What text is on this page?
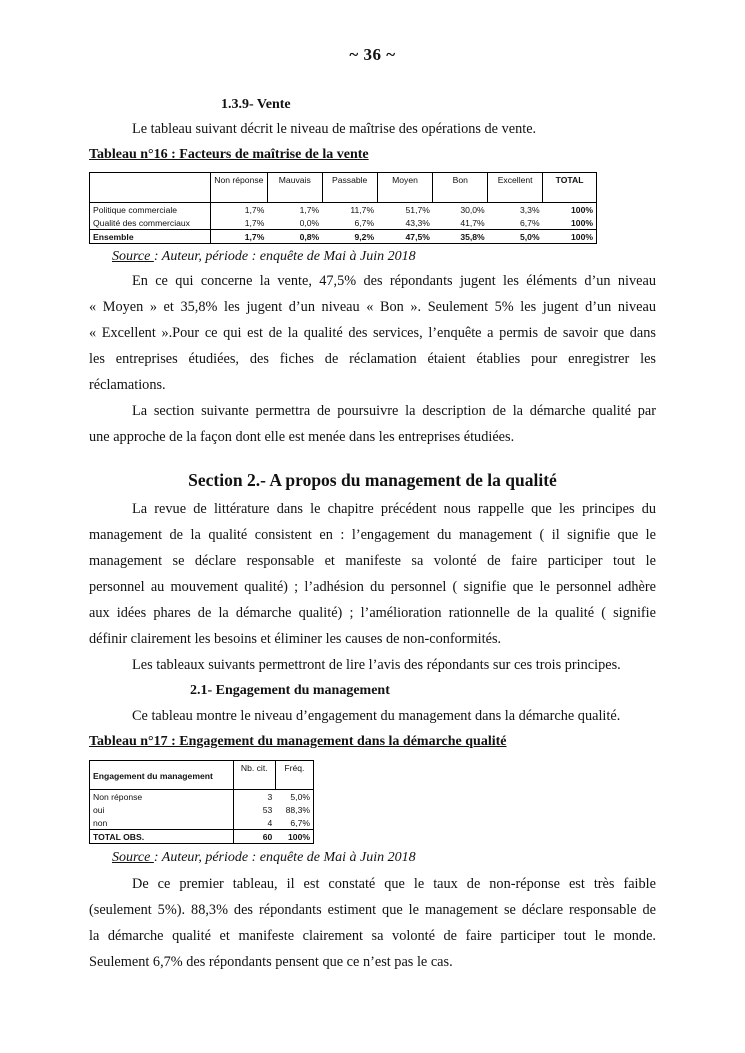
~ 36 ~
1.3.9- Vente
Le tableau suivant décrit le niveau de maîtrise des opérations de vente.
Tableau n°16 : Facteurs de maîtrise de la vente
	Non réponse	Mauvais	Passable	Moyen	Bon	Excellent	TOTAL
Politique commerciale	1,7%	1,7%	11,7%	51,7%	30,0%	3,3%	100%
Qualité des commerciaux	1,7%	0,0%	6,7%	43,3%	41,7%	6,7%	100%
Ensemble	1,7%	0,8%	9,2%	47,5%	35,8%	5,0%	100%
Source : Auteur, période : enquête de Mai à Juin 2018
En ce qui concerne la vente, 47,5% des répondants jugent les éléments d’un niveau
« Moyen » et 35,8% les jugent d’un niveau « Bon ». Seulement 5% les jugent d’un niveau
« Excellent ».Pour ce qui est de la qualité des services, l’enquête a permis de savoir que dans
les entreprises étudiées, des fiches de réclamation étaient établies pour enregistrer les
réclamations.
La section suivante permettra de poursuivre la description de la démarche qualité par
une approche de la façon dont elle est menée dans les entreprises étudiées.
Section 2.- A propos du management de la qualité
La revue de littérature dans le chapitre précédent nous rappelle que les principes du
management de la qualité consistent en : l’engagement du management ( il signifie que le
management se déclare responsable et manifeste sa volonté de faire participer tout le
personnel au mouvement qualité) ; l’adhésion du personnel ( signifie que le personnel adhère
aux idées phares de la démarche qualité) ; l’amélioration rationnelle de la qualité ( signifie
définir clairement les besoins et éliminer les causes de non-conformités.
Les tableaux suivants permettront de lire l’avis des répondants sur ces trois principes.
2.1- Engagement du management
Ce tableau montre le niveau d’engagement du management dans la démarche qualité.
Tableau n°17 : Engagement du management dans la démarche qualité
Engagement du management	Nb. cit.	Fréq.
Non réponse	3	5,0%
oui	53	88,3%
non	4	6,7%
TOTAL OBS.	60	100%
Source : Auteur, période : enquête de Mai à Juin 2018
De ce premier tableau, il est constaté que le taux de non-réponse est très faible
(seulement 5%). 88,3% des répondants estiment que le management se déclare responsable de
la démarche qualité et manifeste clairement sa volonté de faire participer tout le monde.
Seulement 6,7% des répondants pensent que ce n’est pas le cas.
